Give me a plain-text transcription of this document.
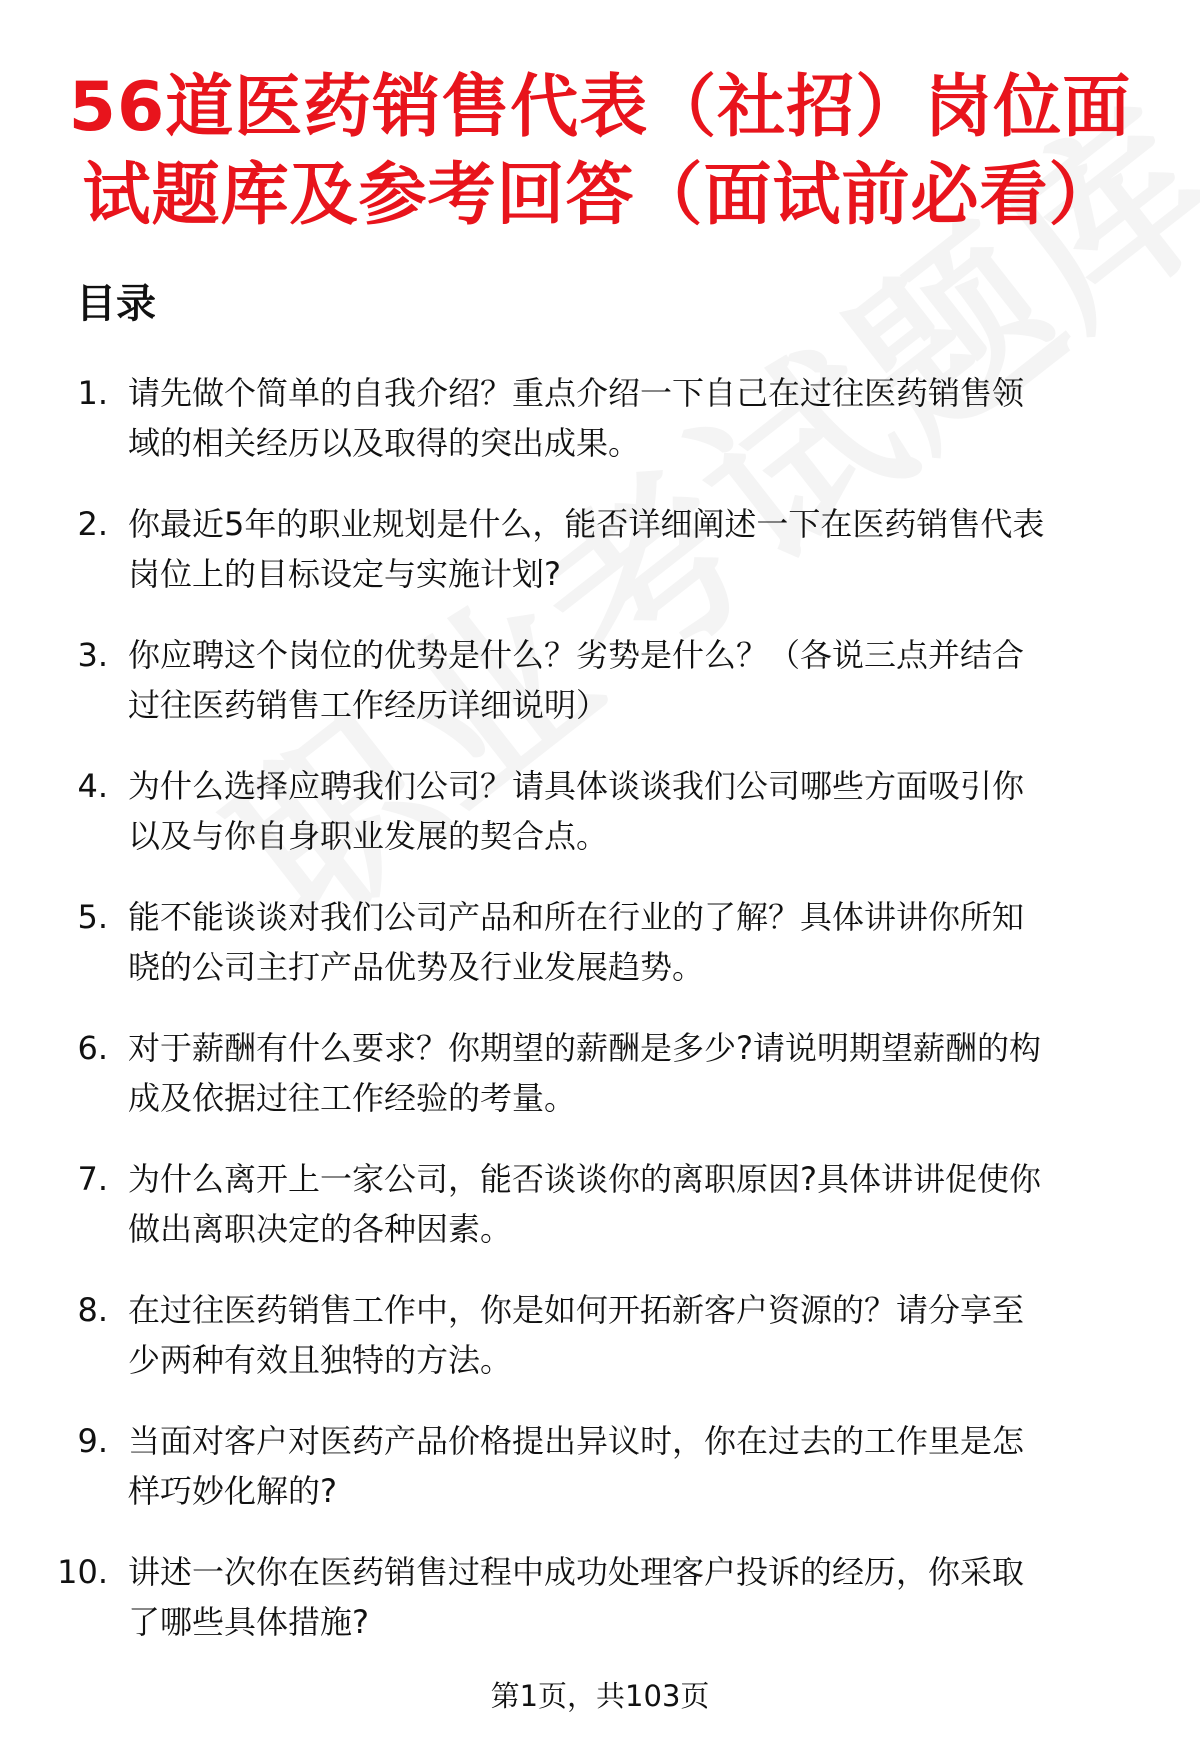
56道医药销售代表（社招）岗位面
试题库及参考回答（面试前必看）
目录
1. 请先做个简单的自我介绍？重点介绍一下自己在过往医药销售领
域的相关经历以及取得的突出成果。
2. 你最近5年的职业规划是什么，能否详细阐述一下在医药销售代表
岗位上的目标设定与实施计划?
3. 你应聘这个岗位的优势是什么？劣势是什么？（各说三点并结合
过往医药销售工作经历详细说明）
4. 为什么选择应聘我们公司？请具体谈谈我们公司哪些方面吸引你
以及与你自身职业发展的契合点。
5. 能不能谈谈对我们公司产品和所在行业的了解？具体讲讲你所知
晓的公司主打产品优势及行业发展趋势。
6. 对于薪酬有什么要求？你期望的薪酬是多少?请说明期望薪酬的构
成及依据过往工作经验的考量。
7. 为什么离开上一家公司，能否谈谈你的离职原因?具体讲讲促使你
做出离职决定的各种因素。
8. 在过往医药销售工作中，你是如何开拓新客户资源的？请分享至
少两种有效且独特的方法。
9. 当面对客户对医药产品价格提出异议时，你在过去的工作里是怎
样巧妙化解的?
10. 讲述一次你在医药销售过程中成功处理客户投诉的经历，你采取
了哪些具体措施?
第1页，共103页
